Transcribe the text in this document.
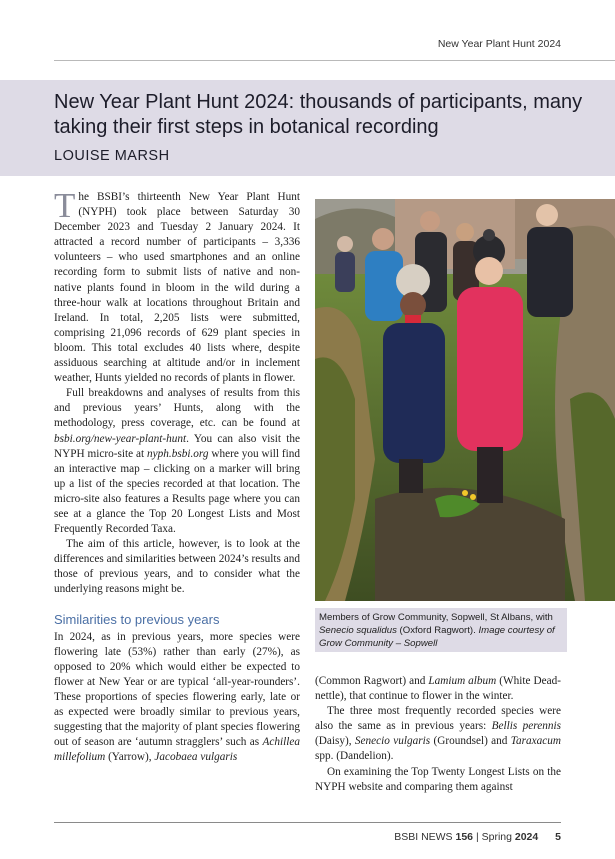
New Year Plant Hunt 2024
New Year Plant Hunt 2024: thousands of participants, many taking their first steps in botanical recording
LOUISE MARSH

The BSBI’s thirteenth New Year Plant Hunt (NYPH) took place between Saturday 30 December 2023 and Tuesday 2 January 2024. It attracted a record number of participants – 3,336 volunteers – who used smartphones and an online recording form to submit lists of native and non-native plants found in bloom in the wild during a three-hour walk at locations throughout Britain and Ireland. In total, 2,205 lists were submitted, comprising 21,096 records of 629 plant species in bloom. This total excludes 40 lists where, despite assiduous searching at altitude and/or in inclement weather, Hunts yielded no records of plants in flower.

Full breakdowns and analyses of results from this and previous years’ Hunts, along with the methodology, press coverage, etc. can be found at bsbi.org/new-year-plant-hunt. You can also visit the NYPH micro-site at nyph.bsbi.org where you will find an interactive map – clicking on a marker will bring up a list of the species recorded at that location. The micro-site also features a Results page where you can see at a glance the Top 20 Longest Lists and Most Frequently Recorded Taxa.

The aim of this article, however, is to look at the differences and similarities between 2024’s results and those of previous years, and to consider what the underlying reasons might be.

Similarities to previous years

In 2024, as in previous years, more species were flowering late (53%) rather than early (27%), as opposed to 20% which would either be expected to flower at New Year or are typical ‘all-year-rounders’. These proportions of species flowering early, late or as expected were broadly similar to previous years, suggesting that the majority of plant species flowering out of season are ‘autumn stragglers’ such as Achillea millefolium (Yarrow), Jacobaea vulgaris

Members of Grow Community, Sopwell, St Albans, with Senecio squalidus (Oxford Ragwort). Image courtesy of Grow Community – Sopwell

(Common Ragwort) and Lamium album (White Dead-nettle), that continue to flower in the winter.

The three most frequently recorded species were also the same as in previous years: Bellis perennis (Daisy), Senecio vulgaris (Groundsel) and Taraxacum spp. (Dandelion).

On examining the Top Twenty Longest Lists on the NYPH website and comparing them against

BSBI NEWS 156 | Spring 2024 5
